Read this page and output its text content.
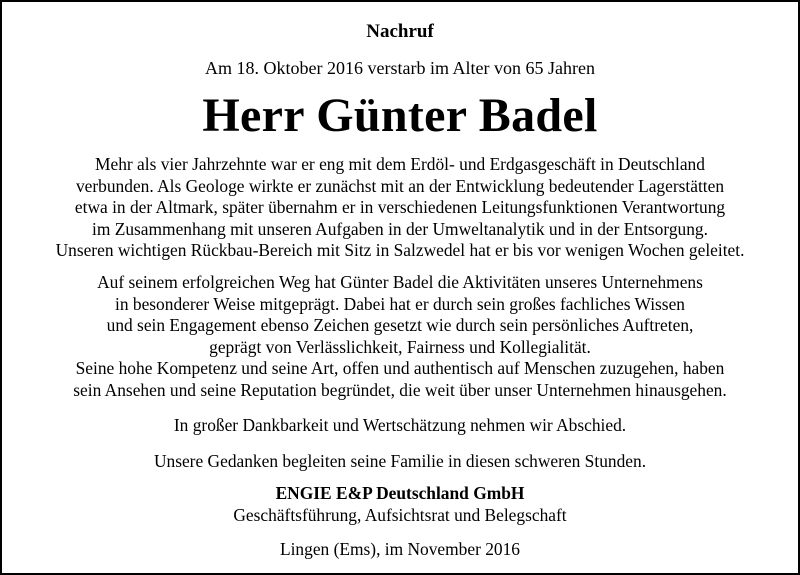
Nachruf
Am 18. Oktober 2016 verstarb im Alter von 65 Jahren
Herr Günter Badel
Mehr als vier Jahrzehnte war er eng mit dem Erdöl- und Erdgasgeschäft in Deutschland
verbunden. Als Geologe wirkte er zunächst mit an der Entwicklung bedeutender Lagerstätten
etwa in der Altmark, später übernahm er in verschiedenen Leitungsfunktionen Verantwortung
im Zusammenhang mit unseren Aufgaben in der Umweltanalytik und in der Entsorgung.
Unseren wichtigen Rückbau-Bereich mit Sitz in Salzwedel hat er bis vor wenigen Wochen geleitet.
Auf seinem erfolgreichen Weg hat Günter Badel die Aktivitäten unseres Unternehmens
in besonderer Weise mitgeprägt. Dabei hat er durch sein großes fachliches Wissen
und sein Engagement ebenso Zeichen gesetzt wie durch sein persönliches Auftreten,
geprägt von Verlässlichkeit, Fairness und Kollegialität.
Seine hohe Kompetenz und seine Art, offen und authentisch auf Menschen zuzugehen, haben
sein Ansehen und seine Reputation begründet, die weit über unser Unternehmen hinausgehen.
In großer Dankbarkeit und Wertschätzung nehmen wir Abschied.
Unsere Gedanken begleiten seine Familie in diesen schweren Stunden.
ENGIE E&P Deutschland GmbH
Geschäftsführung, Aufsichtsrat und Belegschaft
Lingen (Ems), im November 2016
